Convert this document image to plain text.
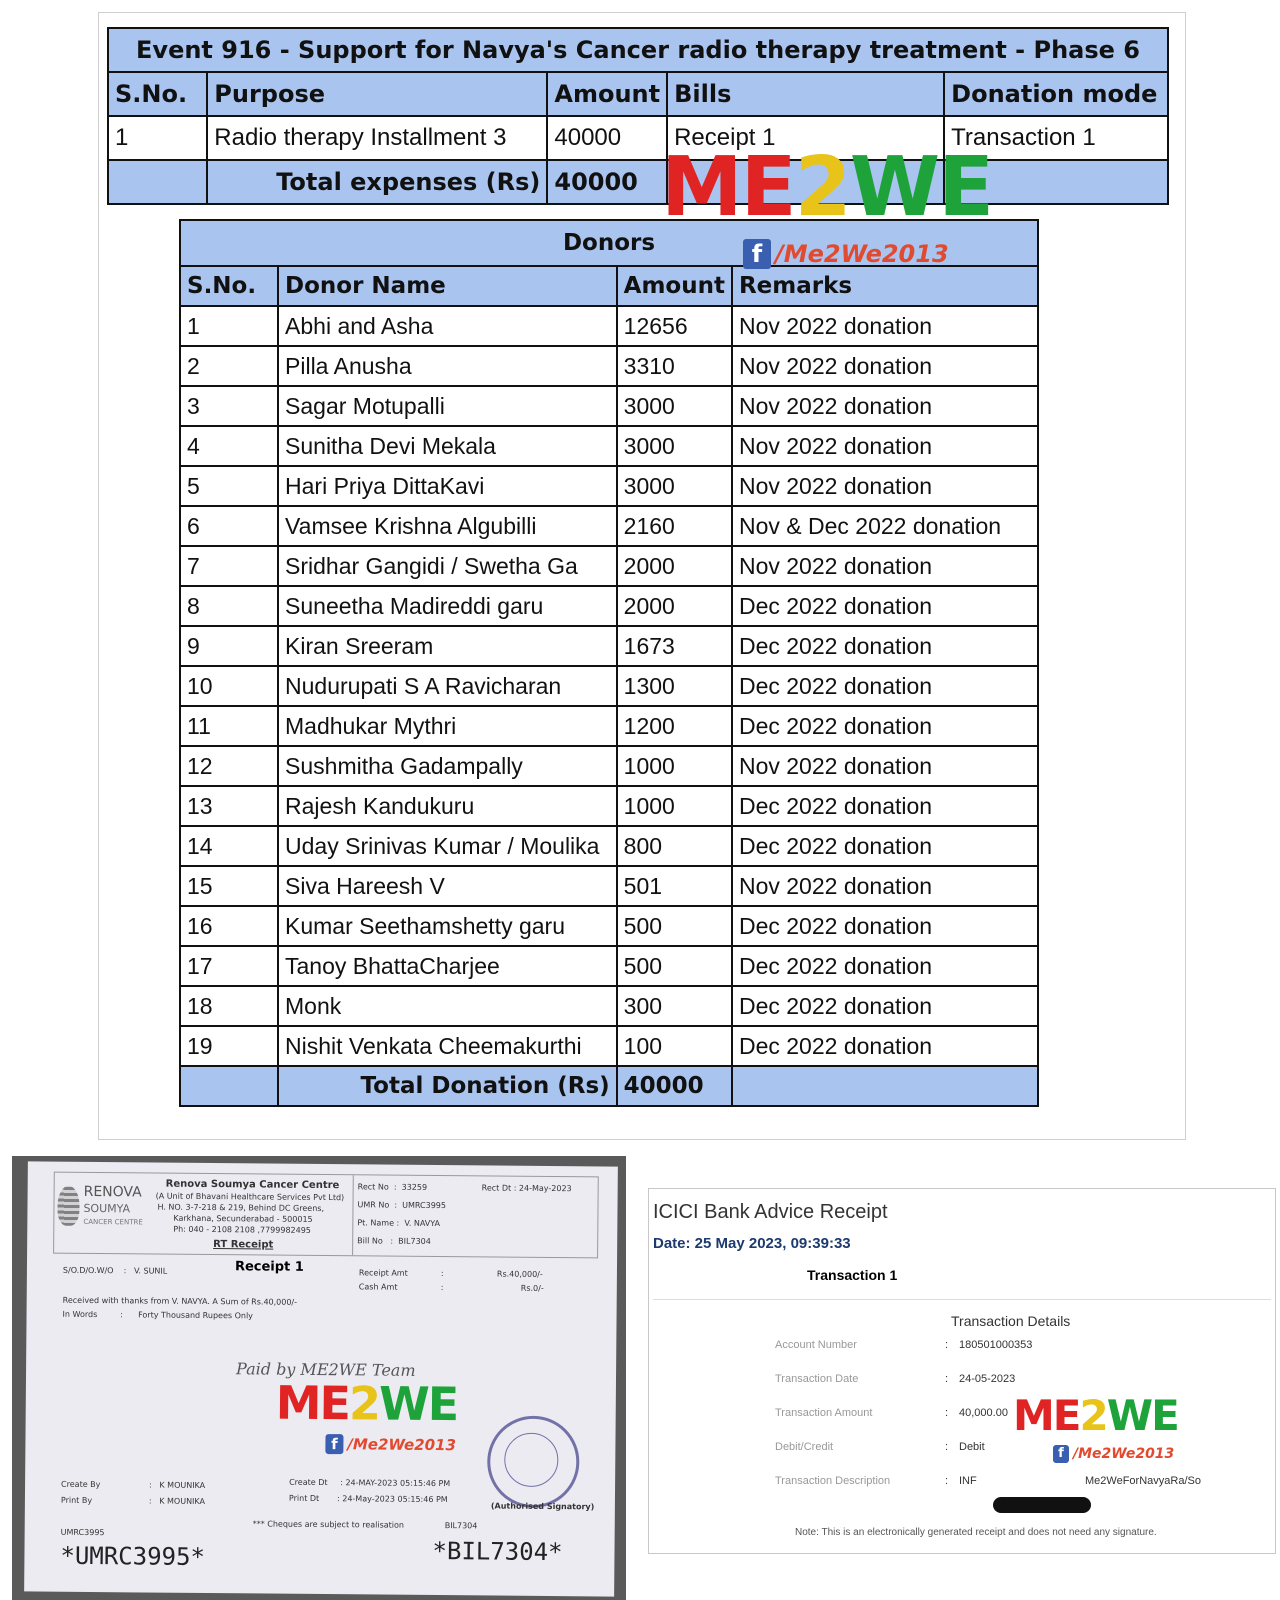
Event 916 - Support for Navya's Cancer radio therapy treatment - Phase 6				
S.No.	Purpose	Amount	Bills	Donation mode
1	Radio therapy Installment 3	40000	Receipt 1	Transaction 1
	Total expenses (Rs)	40000		ME2WE
Donors			
S.No.	Donor Name	Amount	Remarks
1	Abhi and Asha	12656	Nov 2022 donation
2	Pilla Anusha	3310	Nov 2022 donation
3	Sagar Motupalli	3000	Nov 2022 donation
4	Sunitha Devi Mekala	3000	Nov 2022 donation
5	Hari Priya DittaKavi	3000	Nov 2022 donation
6	Vamsee Krishna Algubilli	2160	Nov & Dec 2022 donation
7	Sridhar Gangidi / Swetha Ga	2000	Nov 2022 donation
8	Suneetha Madireddi garu	2000	Dec 2022 donation
9	Kiran Sreeram	1673	Dec 2022 donation
10	Nudurupati S A Ravicharan	1300	Dec 2022 donation
11	Madhukar Mythri	1200	Dec 2022 donation
12	Sushmitha Gadampally	1000	Nov 2022 donation
13	Rajesh Kandukuru	1000	Dec 2022 donation
14	Uday Srinivas Kumar / Moulika	800	Dec 2022 donation
15	Siva Hareesh V	501	Nov 2022 donation
16	Kumar Seethamshetty garu	500	Dec 2022 donation
17	Tanoy BhattaCharjee	500	Dec 2022 donation
18	Monk	300	Dec 2022 donation
19	Nishit Venkata Cheemakurthi	100	Dec 2022 donation
	Total Donation (Rs)	40000	
f /Me2We2013
RENOVA
SOUMYA
CANCER CENTRE
Renova Soumya Cancer Centre
(A Unit of Bhavani Healthcare Services Pvt Ltd)
H. NO. 3-7-218 & 219, Behind DC Greens,
Karkhana, Secunderabad - 500015
Ph: 040 - 2108 2108 ,7799982495
RT Receipt
Rect No  :  33259	Rect Dt : 24-May-2023
UMR No  :  UMRC3995
Pt. Name :  V. NAVYA
Bill No   :  BIL7304
S/O.D/O.W/O    :   V. SUNIL	Receipt 1	Receipt Amt	:	Rs.40,000/-
Cash Amt	:	Rs.0/-
Received with thanks from V. NAVYA. A Sum of Rs.40,000/-
In Words         :      Forty Thousand Rupees Only
Paid by ME2WE Team
ME2WE
f /Me2We2013
Create By	:   K MOUNIKA
Print By	:   K MOUNIKA
Create Dt     : 24-MAY-2023 05:15:46 PM
Print Dt       : 24-May-2023 05:15:46 PM
(Authorised Signatory)
*** Cheques are subject to realisation	BIL7304
UMRC3995
*UMRC3995*	*BIL7304*
ICICI Bank Advice Receipt
Date: 25 May 2023, 09:39:33
Transaction 1
Transaction Details
Account Number	: 180501000353
Transaction Date	: 24-05-2023
Transaction Amount	: 40,000.00
Debit/Credit	: Debit
Transaction Description	: INF	Me2WeForNavyaRa/So
ME2WE
f /Me2We2013
Note: This is an electronically generated receipt and does not need any signature.
